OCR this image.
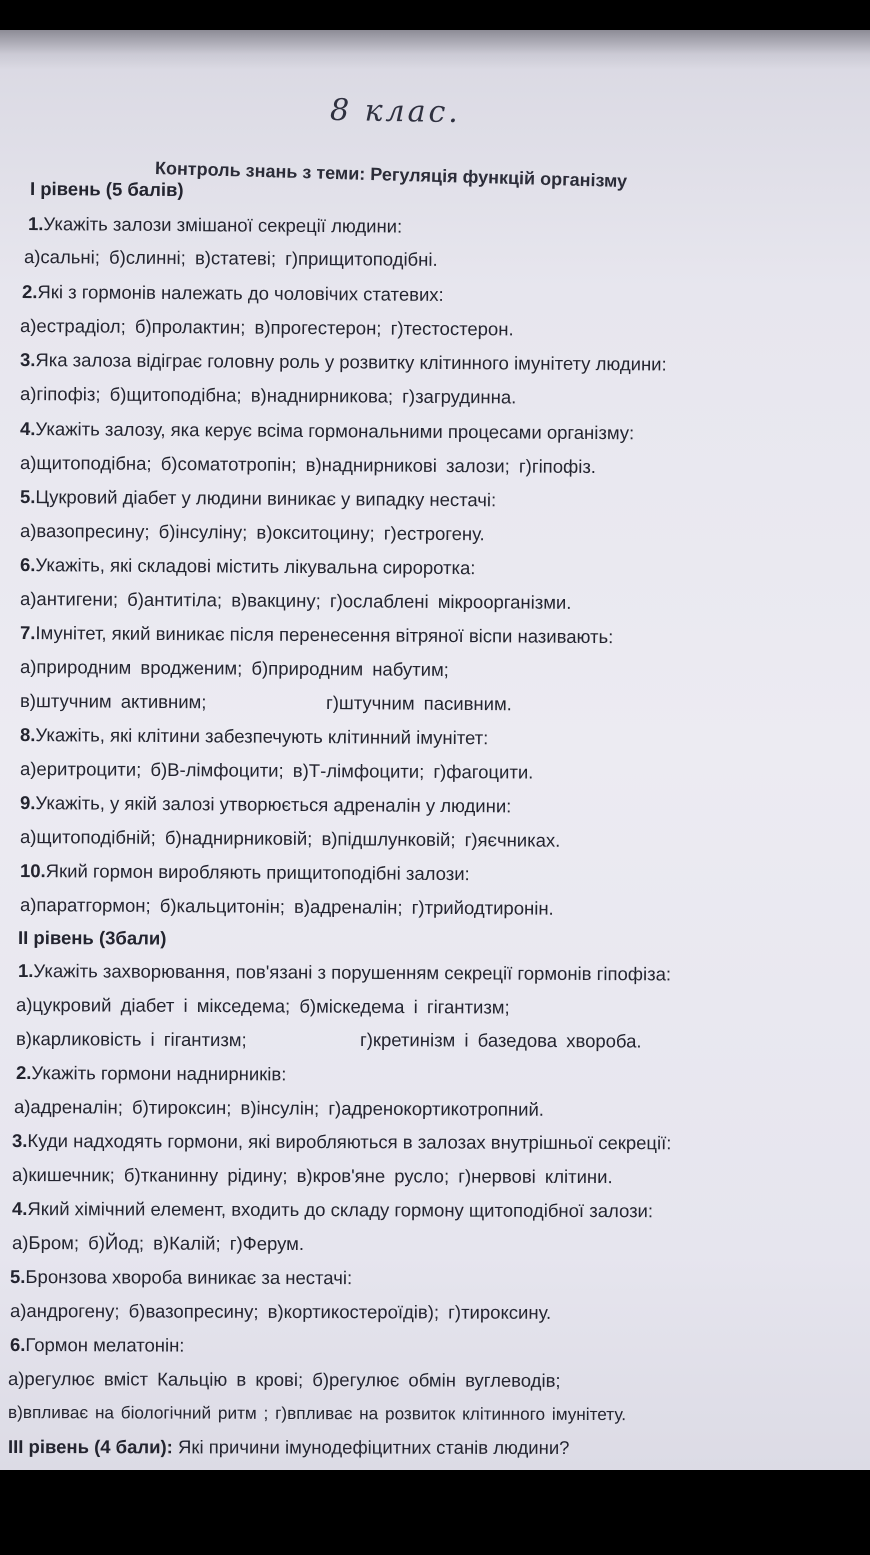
8 клас.
Контроль знань з теми: Регуляція функцій організму
І рівень (5 балів)
1.Укажіть залози змішаної секреції людини:
а)сальні; б)слинні; в)статеві; г)прищитоподібні.
2.Які з гормонів належать до чоловічих статевих:
а)естрадіол; б)пролактин; в)прогестерон; г)тестостерон.
3.Яка залоза відіграє головну роль у розвитку клітинного імунітету людини:
а)гіпофіз; б)щитоподібна; в)наднирникова; г)загрудинна.
4.Укажіть залозу, яка керує всіма гормональними процесами організму:
а)щитоподібна; б)соматотропін; в)наднирникові залози; г)гіпофіз.
5.Цукровий діабет у людини виникає у випадку нестачі:
а)вазопресину; б)інсуліну; в)окситоцину; г)естрогену.
6.Укажіть, які складові містить лікувальна сироротка:
а)антигени; б)антитіла; в)вакцину; г)ослаблені мікроорганізми.
7.Імунітет, який виникає після перенесення вітряної віспи називають:
а)природним вродженим; б)природним набутим;
в)штучним активним;	г)штучним пасивним.
8.Укажіть, які клітини забезпечують клітинний імунітет:
а)еритроцити; б)В-лімфоцити; в)Т-лімфоцити; г)фагоцити.
9.Укажіть, у якій залозі утворюється адреналін у людини:
а)щитоподібній; б)наднирниковій; в)підшлунковій; г)яєчниках.
10.Який гормон виробляють прищитоподібні залози:
а)паратгормон; б)кальцитонін; в)адреналін; г)трийодтиронін.
ІІ рівень (3бали)
1.Укажіть захворювання, пов'язані з порушенням секреції гормонів гіпофіза:
а)цукровий діабет і мікседема; б)міскедема і гігантизм;
в)карликовість і гігантизм;	г)кретинізм і базедова хвороба.
2.Укажіть гормони наднирників:
а)адреналін; б)тироксин; в)інсулін; г)адренокортикотропний.
3.Куди надходять гормони, які виробляються в залозах внутрішньої секреції:
а)кишечник; б)тканинну рідину; в)кров'яне русло; г)нервові клітини.
4.Який хімічний елемент, входить до складу гормону щитоподібної залози:
а)Бром; б)Йод; в)Калій; г)Ферум.
5.Бронзова хвороба виникає за нестачі:
а)андрогену; б)вазопресину; в)кортикостероїдів); г)тироксину.
6.Гормон мелатонін:
а)регулює вміст Кальцію в крові; б)регулює обмін вуглеводів;
в)впливає на біологічний ритм ; г)впливає на розвиток клітинного імунітету.
ІІІ рівень (4 бали): Які причини імунодефіцитних станів людини?
